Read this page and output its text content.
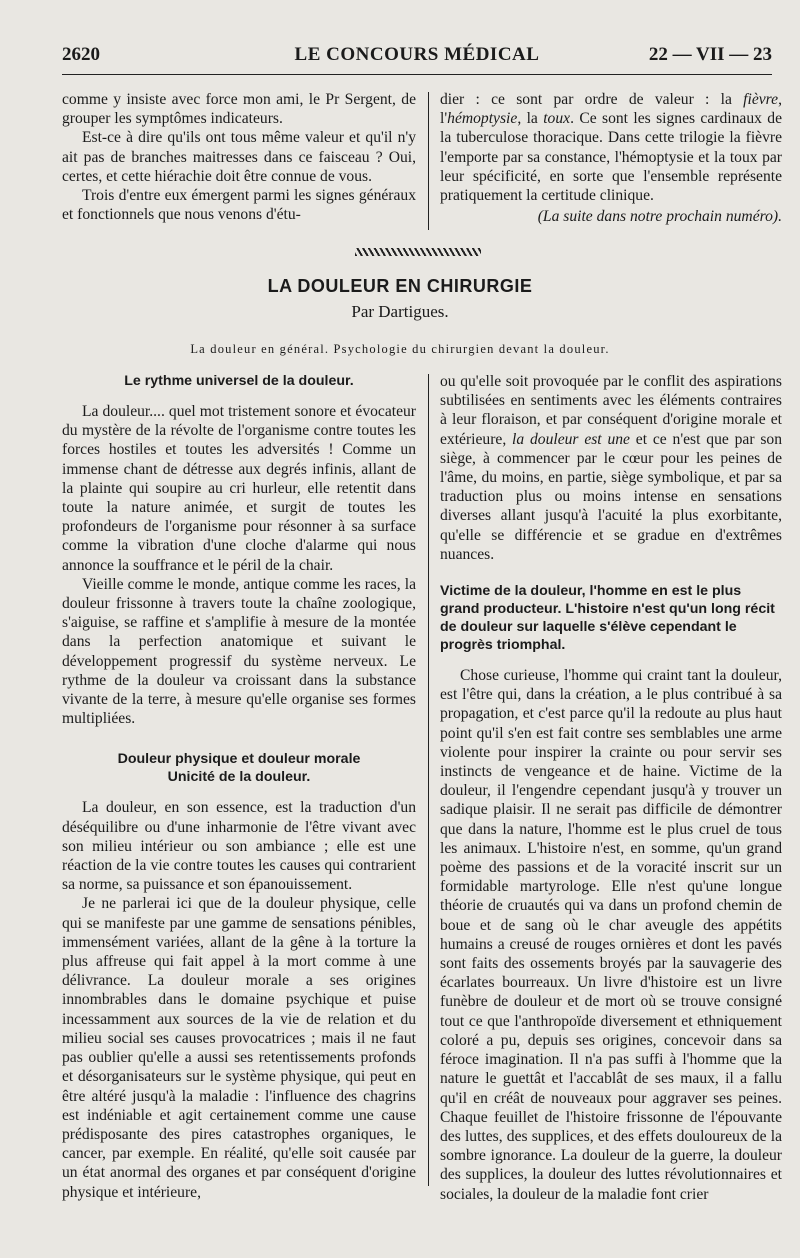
2620	LE CONCOURS MÉDICAL	22 — VII — 23

comme y insiste avec force mon ami, le Pr Sergent, de grouper les symptômes indicateurs.

Est-ce à dire qu'ils ont tous même valeur et qu'il n'y ait pas de branches maitresses dans ce faisceau ? Oui, certes, et cette hiérachie doit être connue de vous.

Trois d'entre eux émergent parmi les signes généraux et fonctionnels que nous venons d'étu-

dier : ce sont par ordre de valeur : la fièvre, l'hémoptysie, la toux. Ce sont les signes cardinaux de la tuberculose thoracique. Dans cette trilogie la fièvre l'emporte par sa constance, l'hémoptysie et la toux par leur spécificité, en sorte que l'ensemble représente pratiquement la certitude clinique.

(La suite dans notre prochain numéro).

LA DOULEUR EN CHIRURGIE
Par Dartigues.
La douleur en général. Psychologie du chirurgien devant la douleur.
Le rythme universel de la douleur.

La douleur.... quel mot tristement sonore et évocateur du mystère de la révolte de l'organisme contre toutes les forces hostiles et toutes les adversités ! Comme un immense chant de détresse aux degrés infinis, allant de la plainte qui soupire au cri hurleur, elle retentit dans toute la nature animée, et surgit de toutes les profondeurs de l'organisme pour résonner à sa surface comme la vibration d'une cloche d'alarme qui nous annonce la souffrance et le péril de la chair.

Vieille comme le monde, antique comme les races, la douleur frissonne à travers toute la chaîne zoologique, s'aiguise, se raffine et s'amplifie à mesure de la montée dans la perfection anatomique et suivant le développement progressif du système nerveux. Le rythme de la douleur va croissant dans la substance vivante de la terre, à mesure qu'elle organise ses formes multipliées.

Douleur physique et douleur morale
Unicité de la douleur.

La douleur, en son essence, est la traduction d'un déséquilibre ou d'une inharmonie de l'être vivant avec son milieu intérieur ou son ambiance ; elle est une réaction de la vie contre toutes les causes qui contrarient sa norme, sa puissance et son épanouissement.

Je ne parlerai ici que de la douleur physique, celle qui se manifeste par une gamme de sensations pénibles, immensément variées, allant de la gêne à la torture la plus affreuse qui fait appel à la mort comme à une délivrance. La douleur morale a ses origines innombrables dans le domaine psychique et puise incessamment aux sources de la vie de relation et du milieu social ses causes provocatrices ; mais il ne faut pas oublier qu'elle a aussi ses retentissements profonds et désorganisateurs sur le système physique, qui peut en être altéré jusqu'à la maladie : l'influence des chagrins est indéniable et agit certainement comme une cause prédisposante des pires catastrophes organiques, le cancer, par exemple. En réalité, qu'elle soit causée par un état anormal des organes et par conséquent d'origine physique et intérieure,

ou qu'elle soit provoquée par le conflit des aspirations subtilisées en sentiments avec les éléments contraires à leur floraison, et par conséquent d'origine morale et extérieure, la douleur est une et ce n'est que par son siège, à commencer par le cœur pour les peines de l'âme, du moins, en partie, siège symbolique, et par sa traduction plus ou moins intense en sensations diverses allant jusqu'à l'acuité la plus exorbitante, qu'elle se différencie et se gradue en d'extrêmes nuances.

Victime de la douleur, l'homme en est le plus grand producteur. L'histoire n'est qu'un long récit de douleur sur laquelle s'élève cependant le progrès triomphal.

Chose curieuse, l'homme qui craint tant la douleur, est l'être qui, dans la création, a le plus contribué à sa propagation, et c'est parce qu'il la redoute au plus haut point qu'il s'en est fait contre ses semblables une arme violente pour inspirer la crainte ou pour servir ses instincts de vengeance et de haine. Victime de la douleur, il l'engendre cependant jusqu'à y trouver un sadique plaisir. Il ne serait pas difficile de démontrer que dans la nature, l'homme est le plus cruel de tous les animaux. L'histoire n'est, en somme, qu'un grand poème des passions et de la voracité inscrit sur un formidable martyrologe. Elle n'est qu'une longue théorie de cruautés qui va dans un profond chemin de boue et de sang où le char aveugle des appétits humains a creusé de rouges ornières et dont les pavés sont faits des ossements broyés par la sauvagerie des écarlates bourreaux. Un livre d'histoire est un livre funèbre de douleur et de mort où se trouve consigné tout ce que l'anthropoïde diversement et ethniquement coloré a pu, depuis ses origines, concevoir dans sa féroce imagination. Il n'a pas suffi à l'homme que la nature le guettât et l'accablât de ses maux, il a fallu qu'il en créât de nouveaux pour aggraver ses peines. Chaque feuillet de l'histoire frissonne de l'épouvante des luttes, des supplices, et des effets douloureux de la sombre ignorance. La douleur de la guerre, la douleur des supplices, la douleur des luttes révolutionnaires et sociales, la douleur de la maladie font crier
